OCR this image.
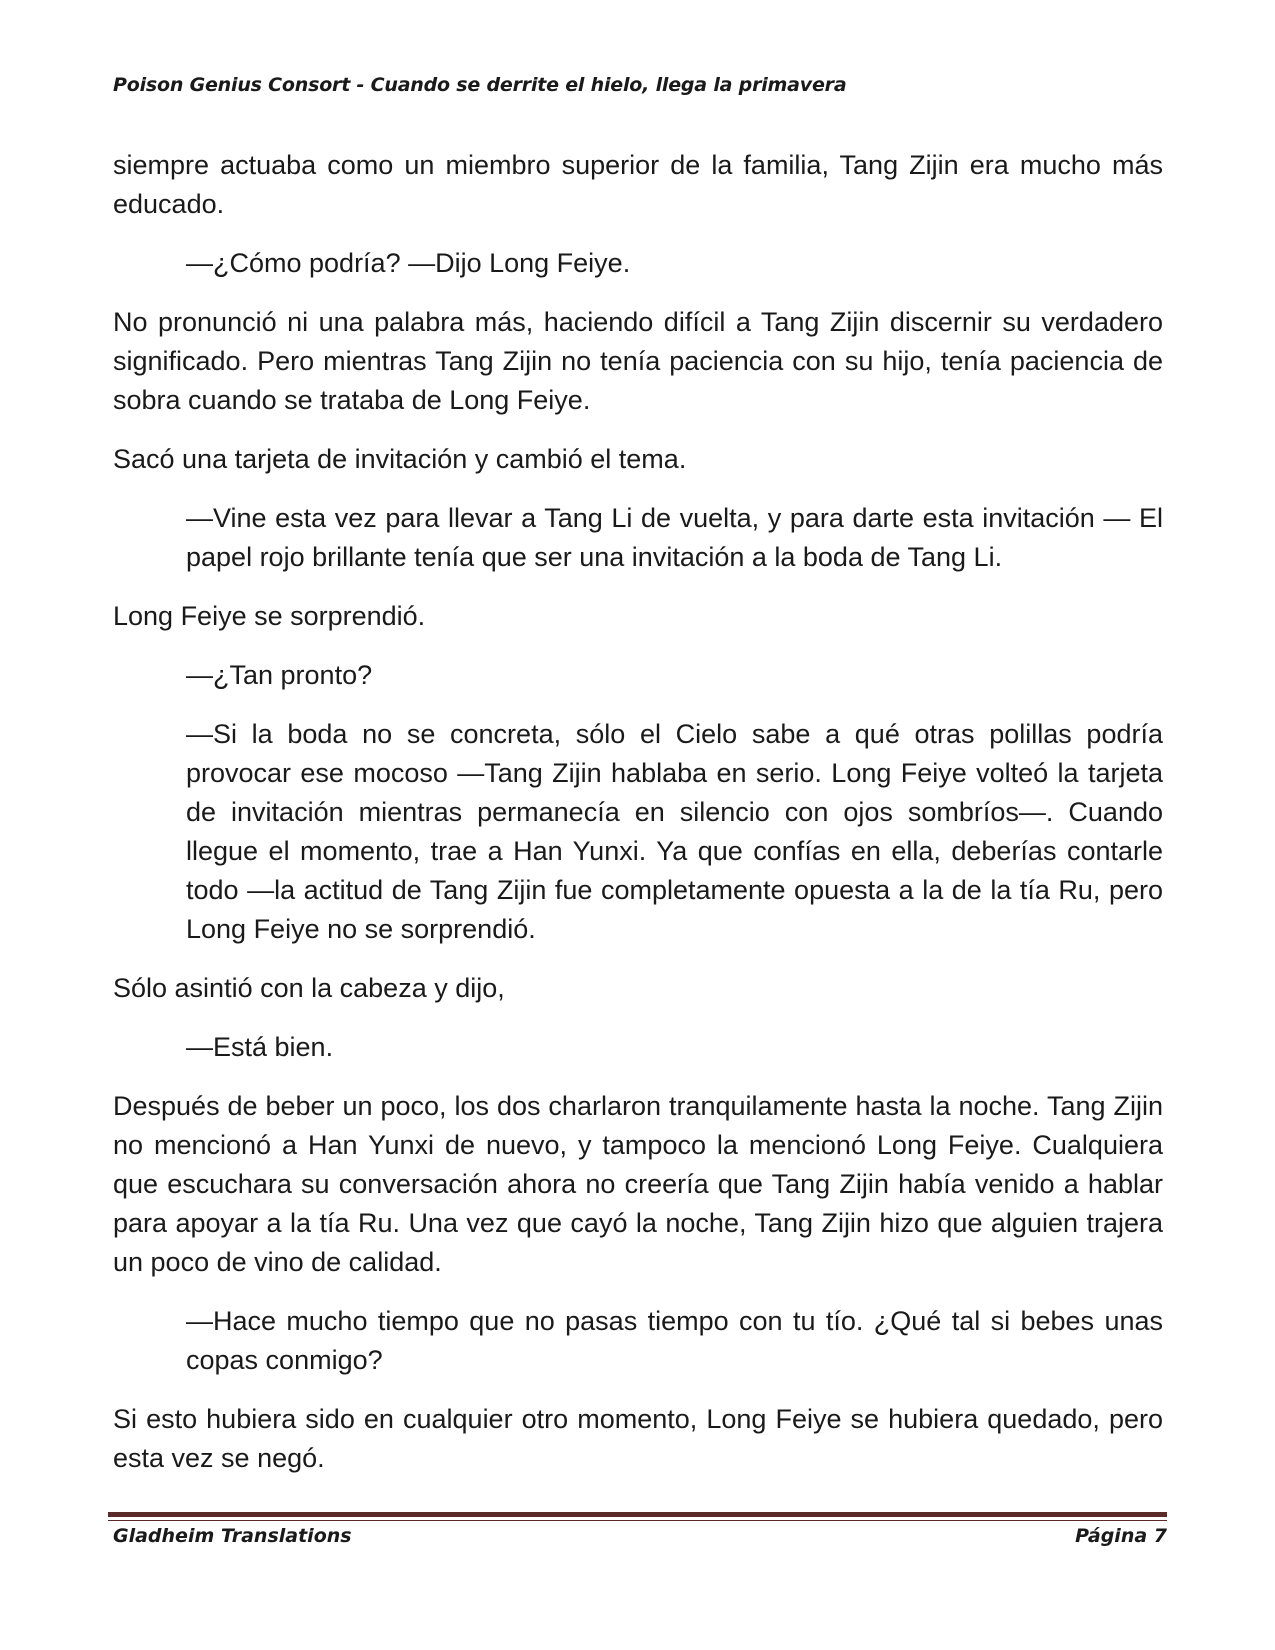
Poison Genius Consort - Cuando se derrite el hielo, llega la primavera

siempre actuaba como un miembro superior de la familia, Tang Zijin era mucho más educado.

—¿Cómo podría? —Dijo Long Feiye.

No pronunció ni una palabra más, haciendo difícil a Tang Zijin discernir su verdadero significado. Pero mientras Tang Zijin no tenía paciencia con su hijo, tenía paciencia de sobra cuando se trataba de Long Feiye.

Sacó una tarjeta de invitación y cambió el tema.

—Vine esta vez para llevar a Tang Li de vuelta, y para darte esta invitación — El papel rojo brillante tenía que ser una invitación a la boda de Tang Li.

Long Feiye se sorprendió.

—¿Tan pronto?

—Si la boda no se concreta, sólo el Cielo sabe a qué otras polillas podría provocar ese mocoso —Tang Zijin hablaba en serio. Long Feiye volteó la tarjeta de invitación mientras permanecía en silencio con ojos sombríos—. Cuando llegue el momento, trae a Han Yunxi. Ya que confías en ella, deberías contarle todo —la actitud de Tang Zijin fue completamente opuesta a la de la tía Ru, pero Long Feiye no se sorprendió.

Sólo asintió con la cabeza y dijo,

—Está bien.

Después de beber un poco, los dos charlaron tranquilamente hasta la noche. Tang Zijin no mencionó a Han Yunxi de nuevo, y tampoco la mencionó Long Feiye. Cualquiera que escuchara su conversación ahora no creería que Tang Zijin había venido a hablar para apoyar a la tía Ru. Una vez que cayó la noche, Tang Zijin hizo que alguien trajera un poco de vino de calidad.

—Hace mucho tiempo que no pasas tiempo con tu tío. ¿Qué tal si bebes unas copas conmigo?

Si esto hubiera sido en cualquier otro momento, Long Feiye se hubiera quedado, pero esta vez se negó.

Gladheim Translations	Página 7
